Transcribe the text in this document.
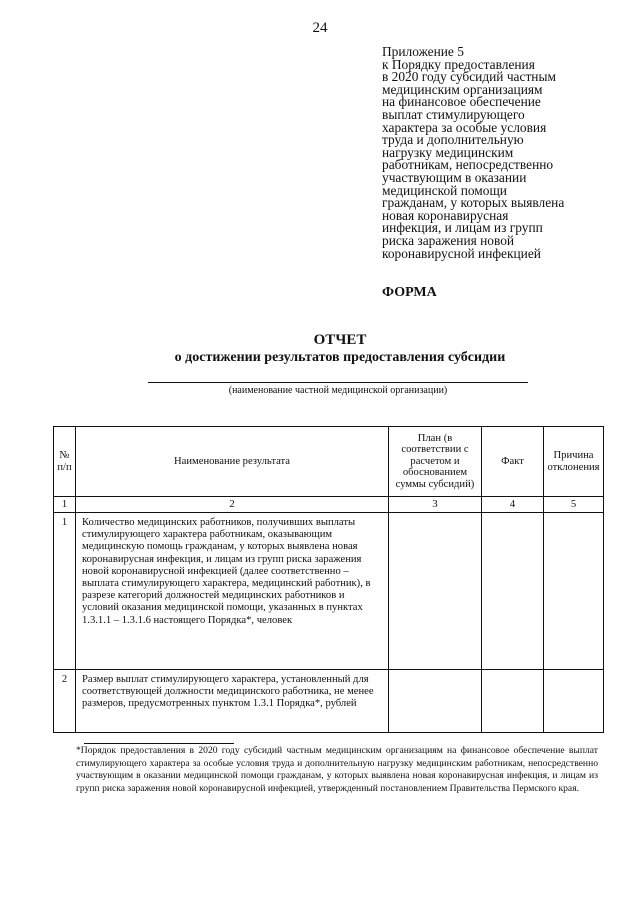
24
Приложение 5
к Порядку предоставления
в 2020 году субсидий частным
медицинским организациям
на финансовое обеспечение
выплат стимулирующего
характера за особые условия
труда и дополнительную
нагрузку медицинским
работникам, непосредственно
участвующим в оказании
медицинской помощи
гражданам, у которых выявлена
новая коронавирусная
инфекция, и лицам из групп
риска заражения новой
коронавирусной инфекцией
ФОРМА
ОТЧЕТ
о достижении результатов предоставления субсидии
(наименование частной медицинской организации)
№ п/п	Наименование результата	План (в соответствии с расчетом и обоснованием суммы субсидий)	Факт	Причина отклонения
1	2	3	4	5
1	Количество медицинских работников, получивших выплаты стимулирующего характера работникам, оказывающим медицинскую помощь гражданам, у которых выявлена новая коронавирусная инфекция, и лицам из групп риска заражения новой коронавирусной инфекцией (далее соответственно – выплата стимулирующего характера, медицинский работник), в разрезе категорий должностей медицинских работников и условий оказания медицинской помощи, указанных в пунктах 1.3.1.1 – 1.3.1.6 настоящего Порядка*, человек			
2	Размер выплат стимулирующего характера, установленный для соответствующей должности медицинского работника, не менее размеров, предусмотренных пунктом 1.3.1 Порядка*, рублей			
*Порядок предоставления в 2020 году субсидий частным медицинским организациям на финансовое обеспечение выплат стимулирующего характера за особые условия труда и дополнительную нагрузку медицинским работникам, непосредственно участвующим в оказании медицинской помощи гражданам, у которых выявлена новая коронавирусная инфекция, и лицам из групп риска заражения новой коронавирусной инфекцией, утвержденный постановлением Правительства Пермского края.
